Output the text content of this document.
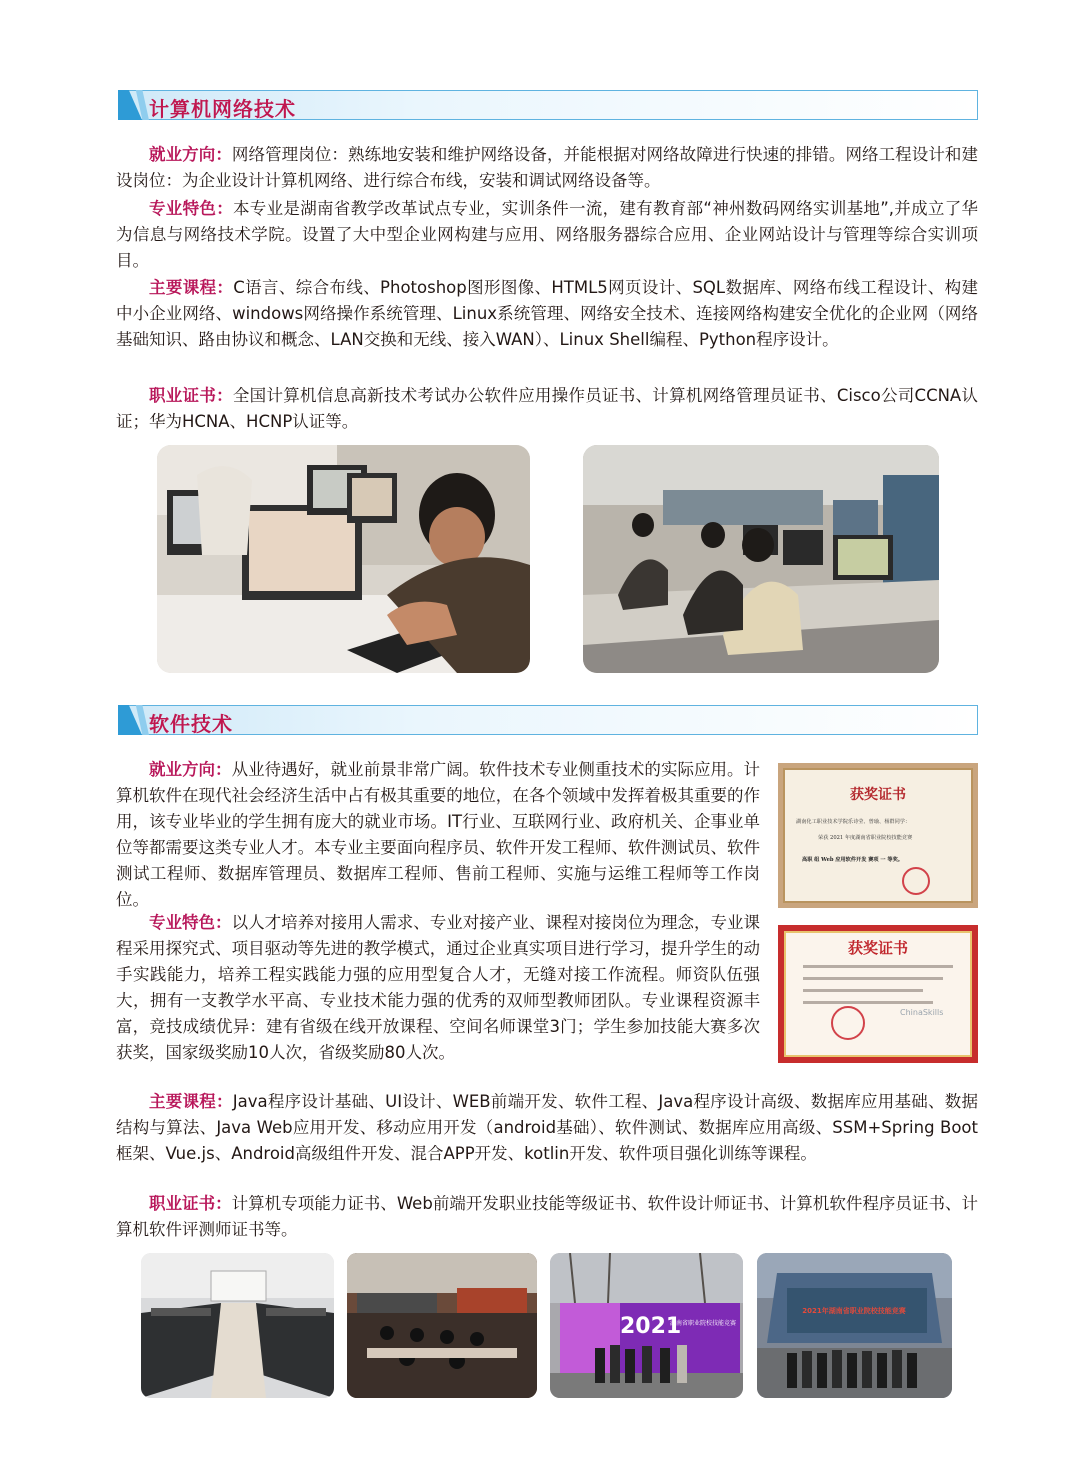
计算机网络技术

就业方向：网络管理岗位：熟练地安装和维护网络设备，并能根据对网络故障进行快速的排错。网络工程设计和建设岗位：为企业设计计算机网络、进行综合布线，安装和调试网络设备等。

专业特色：本专业是湖南省教学改革试点专业，实训条件一流，建有教育部“神州数码网络实训基地”,并成立了华为信息与网络技术学院。设置了大中型企业网构建与应用、网络服务器综合应用、企业网站设计与管理等综合实训项目。

主要课程：C语言、综合布线、Photoshop图形图像、HTML5网页设计、SQL数据库、网络布线工程设计、构建中小企业网络、windows网络操作系统管理、Linux系统管理、网络安全技术、连接网络构建安全优化的企业网（网络基础知识、路由协议和概念、LAN交换和无线、接入WAN）、Linux Shell编程、Python程序设计。

职业证书：全国计算机信息高新技术考试办公软件应用操作员证书、计算机网络管理员证书、Cisco公司CCNA认证；华为HCNA、HCNP认证等。

软件技术

就业方向：从业待遇好，就业前景非常广阔。软件技术专业侧重技术的实际应用。计算机软件在现代社会经济生活中占有极其重要的地位，在各个领域中发挥着极其重要的作用，该专业毕业的学生拥有庞大的就业市场。IT行业、互联网行业、政府机关、企事业单位等都需要这类专业人才。本专业主要面向程序员、软件开发工程师、软件测试员、软件测试工程师、数据库管理员、数据库工程师、售前工程师、实施与运维工程师等工作岗位。

专业特色：以人才培养对接用人需求、专业对接产业、课程对接岗位为理念，专业课程采用探究式、项目驱动等先进的教学模式，通过企业真实项目进行学习，提升学生的动手实践能力，培养工程实践能力强的应用型复合人才，无缝对接工作流程。师资队伍强大，拥有一支教学水平高、专业技术能力强的优秀的双师型教师团队。专业课程资源丰富，竞技成绩优异：建有省级在线开放课程、空间名师课堂3门；学生参加技能大赛多次获奖，国家级奖励10人次，省级奖励80人次。

主要课程：Java程序设计基础、UI设计、WEB前端开发、软件工程、Java程序设计高级、数据库应用基础、数据结构与算法、Java Web应用开发、移动应用开发（android基础）、软件测试、数据库应用高级、SSM+Spring Boot框架、Vue.js、Android高级组件开发、混合APP开发、kotlin开发、软件项目强化训练等课程。

职业证书：计算机专项能力证书、Web前端开发职业技能等级证书、软件设计师证书、计算机软件程序员证书、计算机软件评测师证书等。

获奖证书
湖南化工职业技术学院乐诗莹、曾瑜、杨群同学：
荣获 2021 年度湖南省职业院校技能竞赛
高职 组 Web 应用软件开发 赛项 一 等奖。
获奖证书
ChinaSkills
2021
湖南省职业院校技能竞赛
2021年湖南省职业院校技能竞赛
